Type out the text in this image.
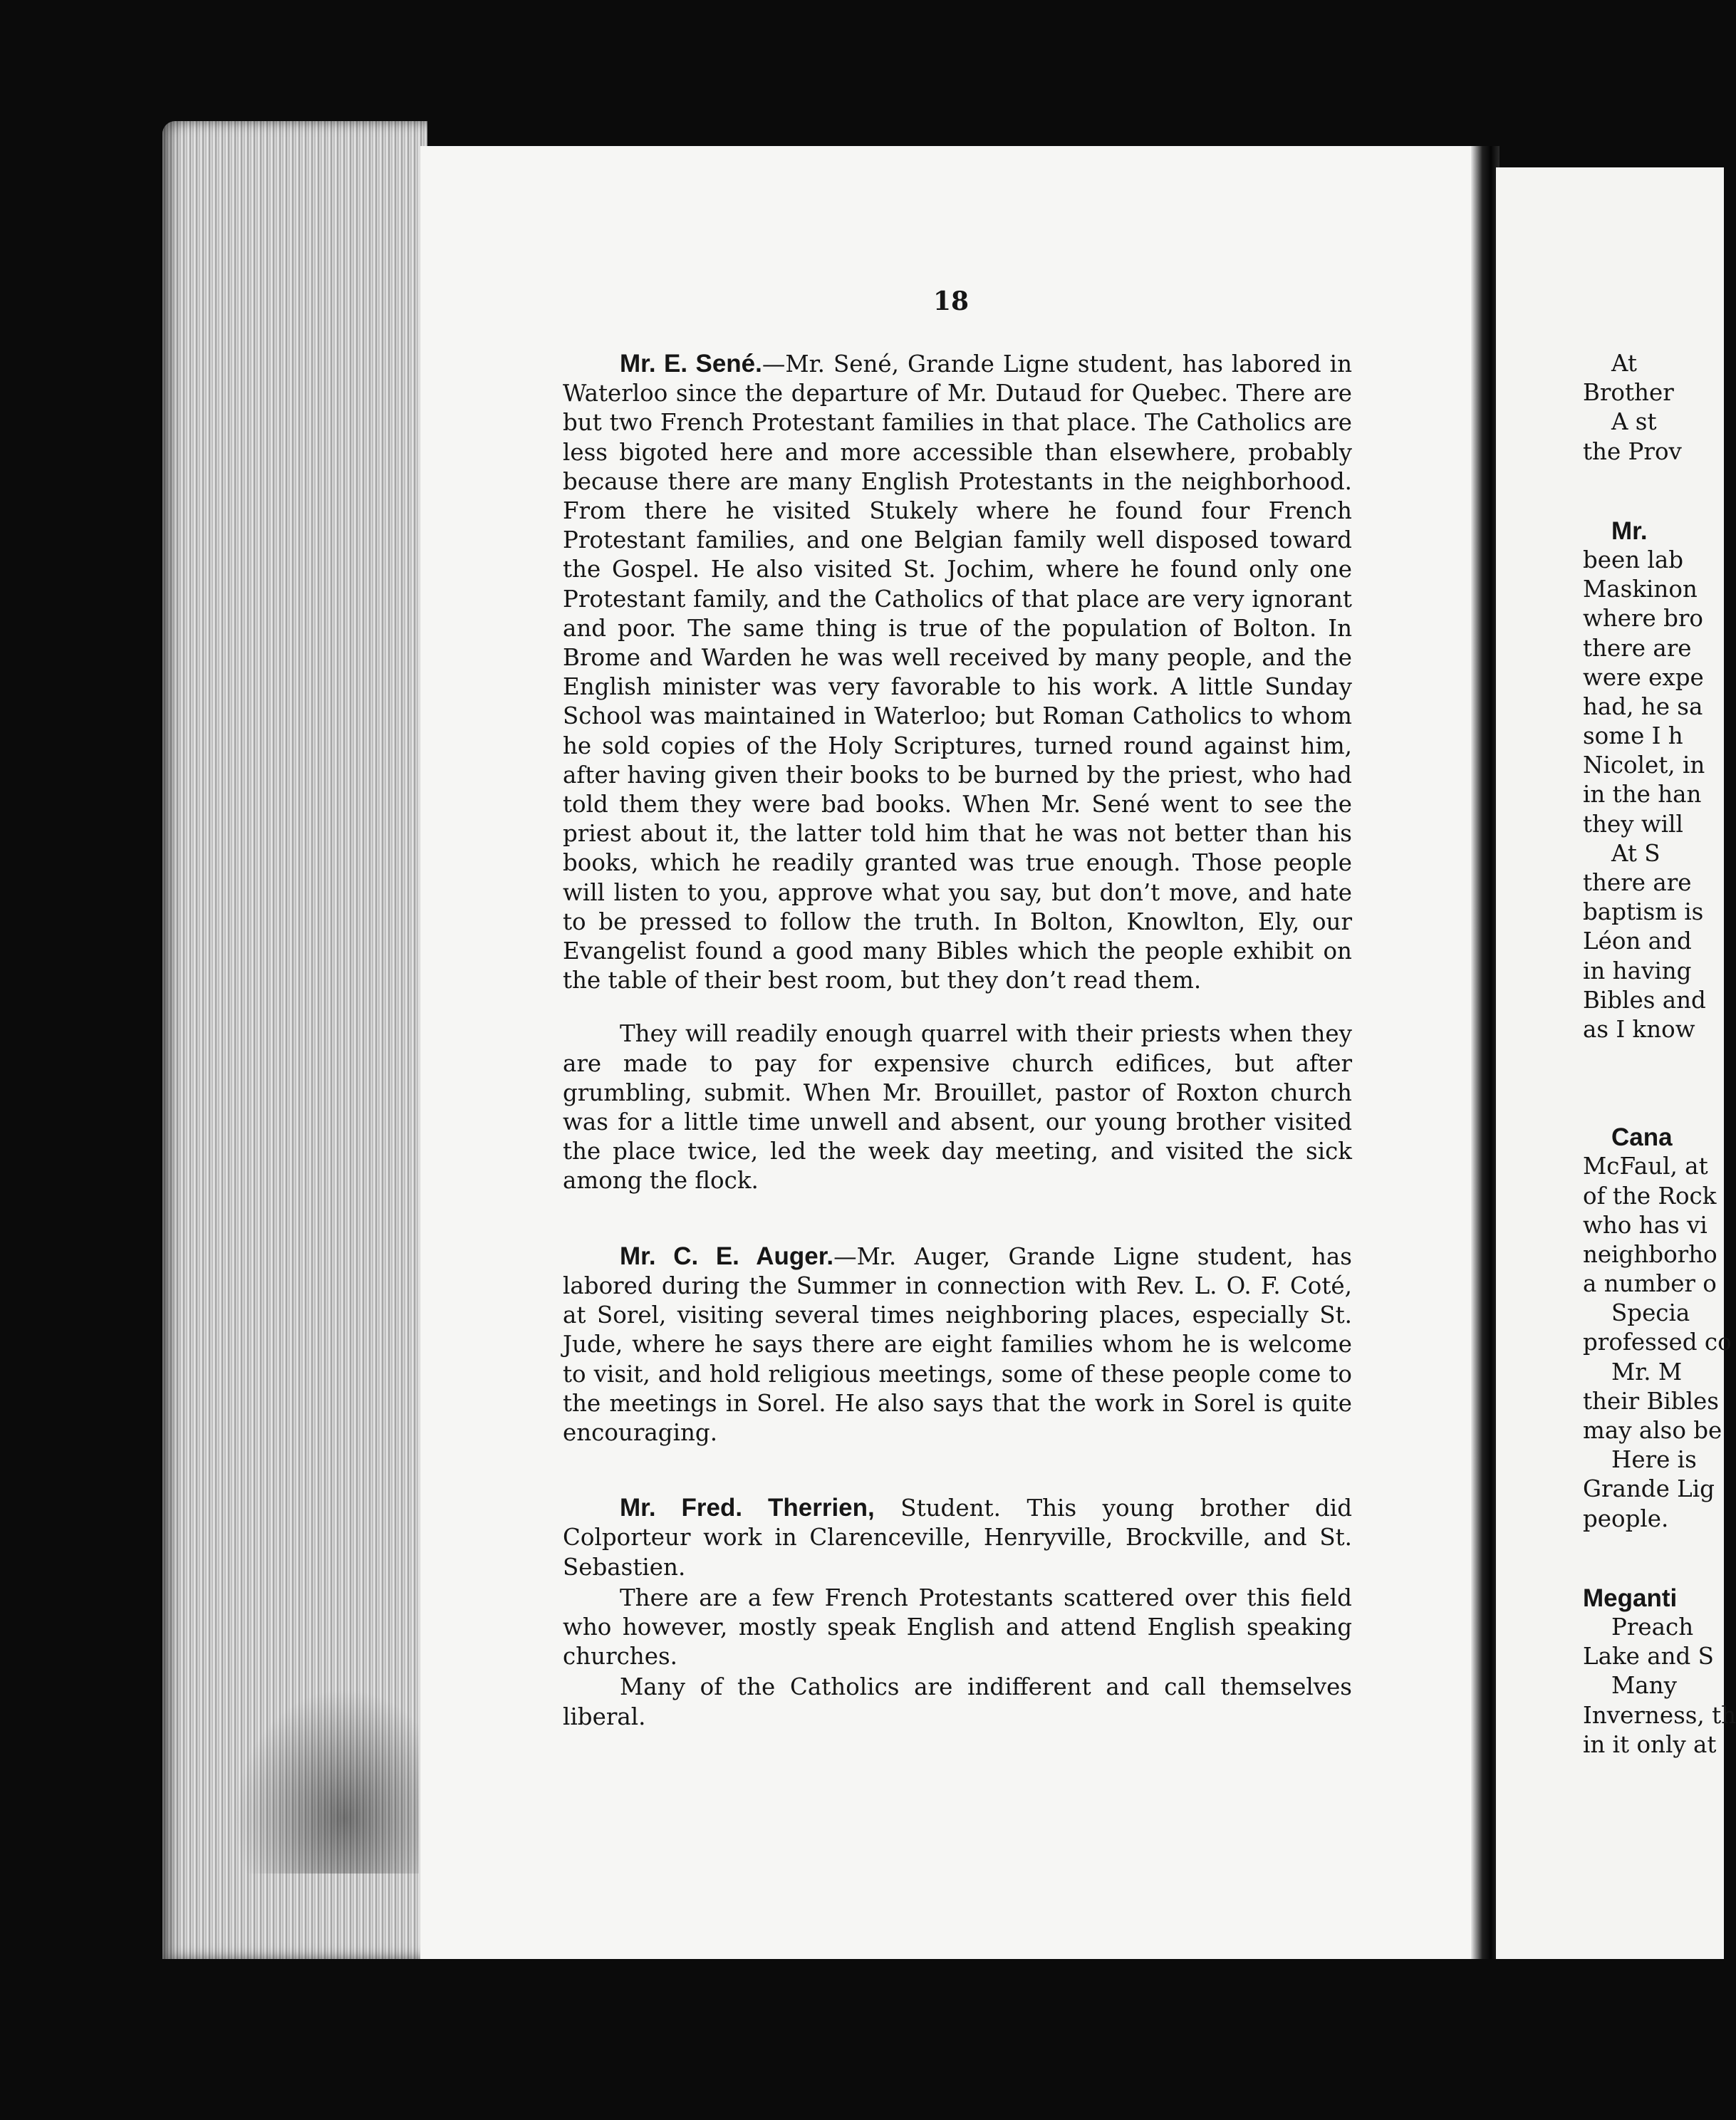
18

Mr. E. Sené.—Mr. Sené, Grande Ligne student, has labored in Waterloo since the departure of Mr. Dutaud for Quebec. There are but two French Protestant families in that place. The Catholics are less bigoted here and more accessible than elsewhere, probably because there are many English Protestants in the neighborhood. From there he visited Stukely where he found four French Protestant families, and one Belgian family well disposed toward the Gospel. He also visited St. Jochim, where he found only one Protestant family, and the Catholics of that place are very ignorant and poor. The same thing is true of the population of Bolton. In Brome and Warden he was well received by many people, and the English minister was very favorable to his work. A little Sunday School was maintained in Waterloo; but Roman Catholics to whom he sold copies of the Holy Scriptures, turned round against him, after having given their books to be burned by the priest, who had told them they were bad books. When Mr. Sené went to see the priest about it, the latter told him that he was not better than his books, which he readily granted was true enough. Those people will listen to you, approve what you say, but don’t move, and hate to be pressed to follow the truth. In Bolton, Knowlton, Ely, our Evangelist found a good many Bibles which the people exhibit on the table of their best room, but they don’t read them.

They will readily enough quarrel with their priests when they are made to pay for expensive church edifices, but after grumbling, submit. When Mr. Brouillet, pastor of Roxton church was for a little time unwell and absent, our young brother visited the place twice, led the week day meeting, and visited the sick among the flock.

Mr. C. E. Auger.—Mr. Auger, Grande Ligne student, has labored during the Summer in connection with Rev. L. O. F. Coté, at Sorel, visiting several times neighboring places, especially St. Jude, where he says there are eight families whom he is welcome to visit, and hold religious meetings, some of these people come to the meetings in Sorel. He also says that the work in Sorel is quite encouraging.

Mr. Fred. Therrien, Student. This young brother did Colporteur work in Clarenceville, Henryville, Brockville, and St. Sebastien.

There are a few French Protestants scattered over this field who however, mostly speak English and attend English speaking churches.

Many of the Catholics are indifferent and call themselves liberal.

At
Brother
A st
the Prov
Mr.
been lab
Maskinon
where bro
there are
were expe
had, he sa
some I h
Nicolet, in
in the han
they will
At S
there are
baptism is
Léon and
in having
Bibles and
as I know
Cana
McFaul, at
of the Rock
who has vi
neighborho
a number o
Specia
professed co
Mr. M
their Bibles
may also be
Here is
Grande Lig
people.
Meganti
Preach
Lake and S
Many
Inverness, th
in it only at
